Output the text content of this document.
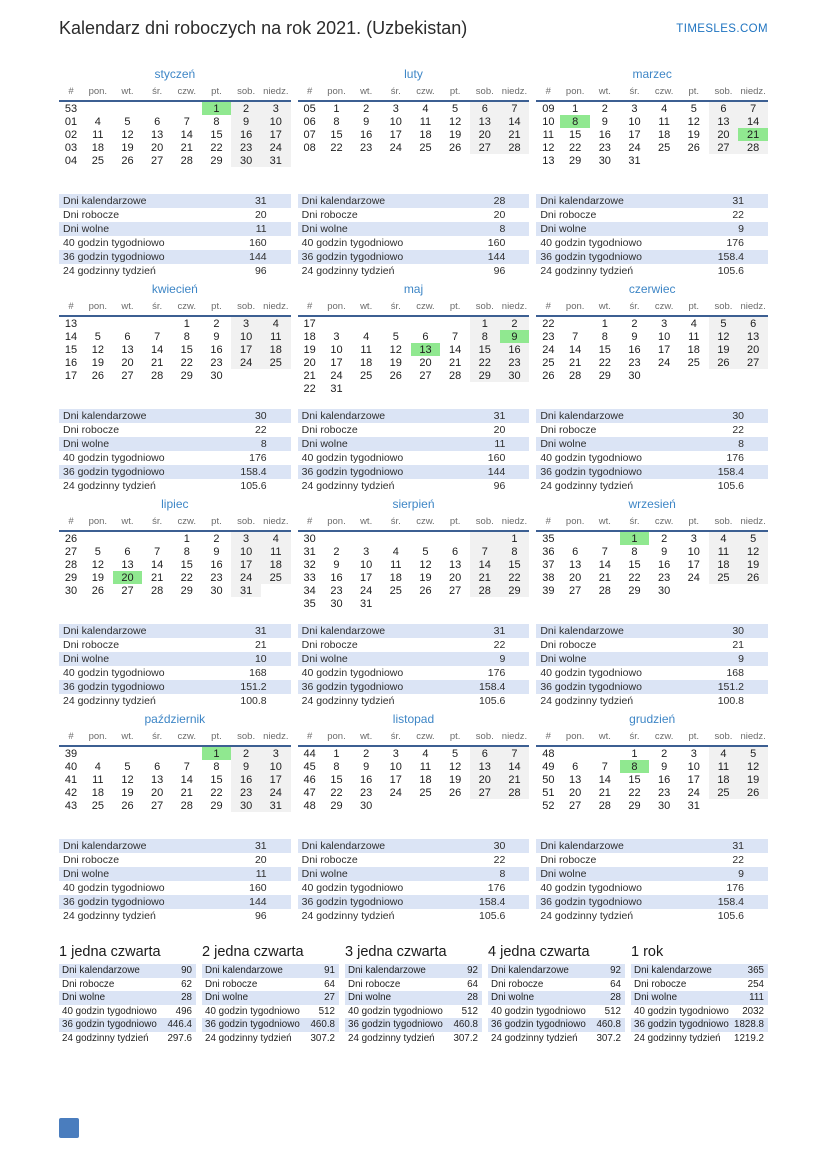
Kalendarz dni roboczych na rok 2021. (Uzbekistan)	TIMESLES.COM
styczeń
#	pon.	wt.	śr.	czw.	pt.	sob.	niedz.
53					1	2	3
01	4	5	6	7	8	9	10
02	11	12	13	14	15	16	17
03	18	19	20	21	22	23	24
04	25	26	27	28	29	30	31
Dni kalendarzowe	31
Dni robocze	20
Dni wolne	11
40 godzin tygodniowo	160
36 godzin tygodniowo	144
24 godzinny tydzień	96
luty
#	pon.	wt.	śr.	czw.	pt.	sob.	niedz.
05	1	2	3	4	5	6	7
06	8	9	10	11	12	13	14
07	15	16	17	18	19	20	21
08	22	23	24	25	26	27	28
Dni kalendarzowe	28
Dni robocze	20
Dni wolne	8
40 godzin tygodniowo	160
36 godzin tygodniowo	144
24 godzinny tydzień	96
marzec
#	pon.	wt.	śr.	czw.	pt.	sob.	niedz.
09	1	2	3	4	5	6	7
10	8	9	10	11	12	13	14
11	15	16	17	18	19	20	21
12	22	23	24	25	26	27	28
13	29	30	31				
Dni kalendarzowe	31
Dni robocze	22
Dni wolne	9
40 godzin tygodniowo	176
36 godzin tygodniowo	158.4
24 godzinny tydzień	105.6
kwiecień
#	pon.	wt.	śr.	czw.	pt.	sob.	niedz.
13				1	2	3	4
14	5	6	7	8	9	10	11
15	12	13	14	15	16	17	18
16	19	20	21	22	23	24	25
17	26	27	28	29	30		
Dni kalendarzowe	30
Dni robocze	22
Dni wolne	8
40 godzin tygodniowo	176
36 godzin tygodniowo	158.4
24 godzinny tydzień	105.6
maj
#	pon.	wt.	śr.	czw.	pt.	sob.	niedz.
17						1	2
18	3	4	5	6	7	8	9
19	10	11	12	13	14	15	16
20	17	18	19	20	21	22	23
21	24	25	26	27	28	29	30
22	31						
Dni kalendarzowe	31
Dni robocze	20
Dni wolne	11
40 godzin tygodniowo	160
36 godzin tygodniowo	144
24 godzinny tydzień	96
czerwiec
#	pon.	wt.	śr.	czw.	pt.	sob.	niedz.
22		1	2	3	4	5	6
23	7	8	9	10	11	12	13
24	14	15	16	17	18	19	20
25	21	22	23	24	25	26	27
26	28	29	30				
Dni kalendarzowe	30
Dni robocze	22
Dni wolne	8
40 godzin tygodniowo	176
36 godzin tygodniowo	158.4
24 godzinny tydzień	105.6
lipiec
#	pon.	wt.	śr.	czw.	pt.	sob.	niedz.
26				1	2	3	4
27	5	6	7	8	9	10	11
28	12	13	14	15	16	17	18
29	19	20	21	22	23	24	25
30	26	27	28	29	30	31	
Dni kalendarzowe	31
Dni robocze	21
Dni wolne	10
40 godzin tygodniowo	168
36 godzin tygodniowo	151.2
24 godzinny tydzień	100.8
sierpień
#	pon.	wt.	śr.	czw.	pt.	sob.	niedz.
30							1
31	2	3	4	5	6	7	8
32	9	10	11	12	13	14	15
33	16	17	18	19	20	21	22
34	23	24	25	26	27	28	29
35	30	31					
Dni kalendarzowe	31
Dni robocze	22
Dni wolne	9
40 godzin tygodniowo	176
36 godzin tygodniowo	158.4
24 godzinny tydzień	105.6
wrzesień
#	pon.	wt.	śr.	czw.	pt.	sob.	niedz.
35			1	2	3	4	5
36	6	7	8	9	10	11	12
37	13	14	15	16	17	18	19
38	20	21	22	23	24	25	26
39	27	28	29	30			
Dni kalendarzowe	30
Dni robocze	21
Dni wolne	9
40 godzin tygodniowo	168
36 godzin tygodniowo	151.2
24 godzinny tydzień	100.8
październik
#	pon.	wt.	śr.	czw.	pt.	sob.	niedz.
39					1	2	3
40	4	5	6	7	8	9	10
41	11	12	13	14	15	16	17
42	18	19	20	21	22	23	24
43	25	26	27	28	29	30	31
Dni kalendarzowe	31
Dni robocze	20
Dni wolne	11
40 godzin tygodniowo	160
36 godzin tygodniowo	144
24 godzinny tydzień	96
listopad
#	pon.	wt.	śr.	czw.	pt.	sob.	niedz.
44	1	2	3	4	5	6	7
45	8	9	10	11	12	13	14
46	15	16	17	18	19	20	21
47	22	23	24	25	26	27	28
48	29	30					
Dni kalendarzowe	30
Dni robocze	22
Dni wolne	8
40 godzin tygodniowo	176
36 godzin tygodniowo	158.4
24 godzinny tydzień	105.6
grudzień
#	pon.	wt.	śr.	czw.	pt.	sob.	niedz.
48			1	2	3	4	5
49	6	7	8	9	10	11	12
50	13	14	15	16	17	18	19
51	20	21	22	23	24	25	26
52	27	28	29	30	31		
Dni kalendarzowe	31
Dni robocze	22
Dni wolne	9
40 godzin tygodniowo	176
36 godzin tygodniowo	158.4
24 godzinny tydzień	105.6
1 jedna czwarta
Dni kalendarzowe	90
Dni robocze	62
Dni wolne	28
40 godzin tygodniowo 496
36 godzin tygodniowo 446.4
24 godzinny tydzień 297.6
2 jedna czwarta
Dni kalendarzowe	91
Dni robocze	64
Dni wolne	27
40 godzin tygodniowo 512
36 godzin tygodniowo 460.8
24 godzinny tydzień 307.2
3 jedna czwarta
Dni kalendarzowe	92
Dni robocze	64
Dni wolne	28
40 godzin tygodniowo 512
36 godzin tygodniowo 460.8
24 godzinny tydzień 307.2
4 jedna czwarta
Dni kalendarzowe	92
Dni robocze	64
Dni wolne	28
40 godzin tygodniowo 512
36 godzin tygodniowo 460.8
24 godzinny tydzień 307.2
1 rok
Dni kalendarzowe	365
Dni robocze	254
Dni wolne	111
40 godzin tygodniowo 2032
36 godzin tygodniowo 1828.8
24 godzinny tydzień 1219.2
